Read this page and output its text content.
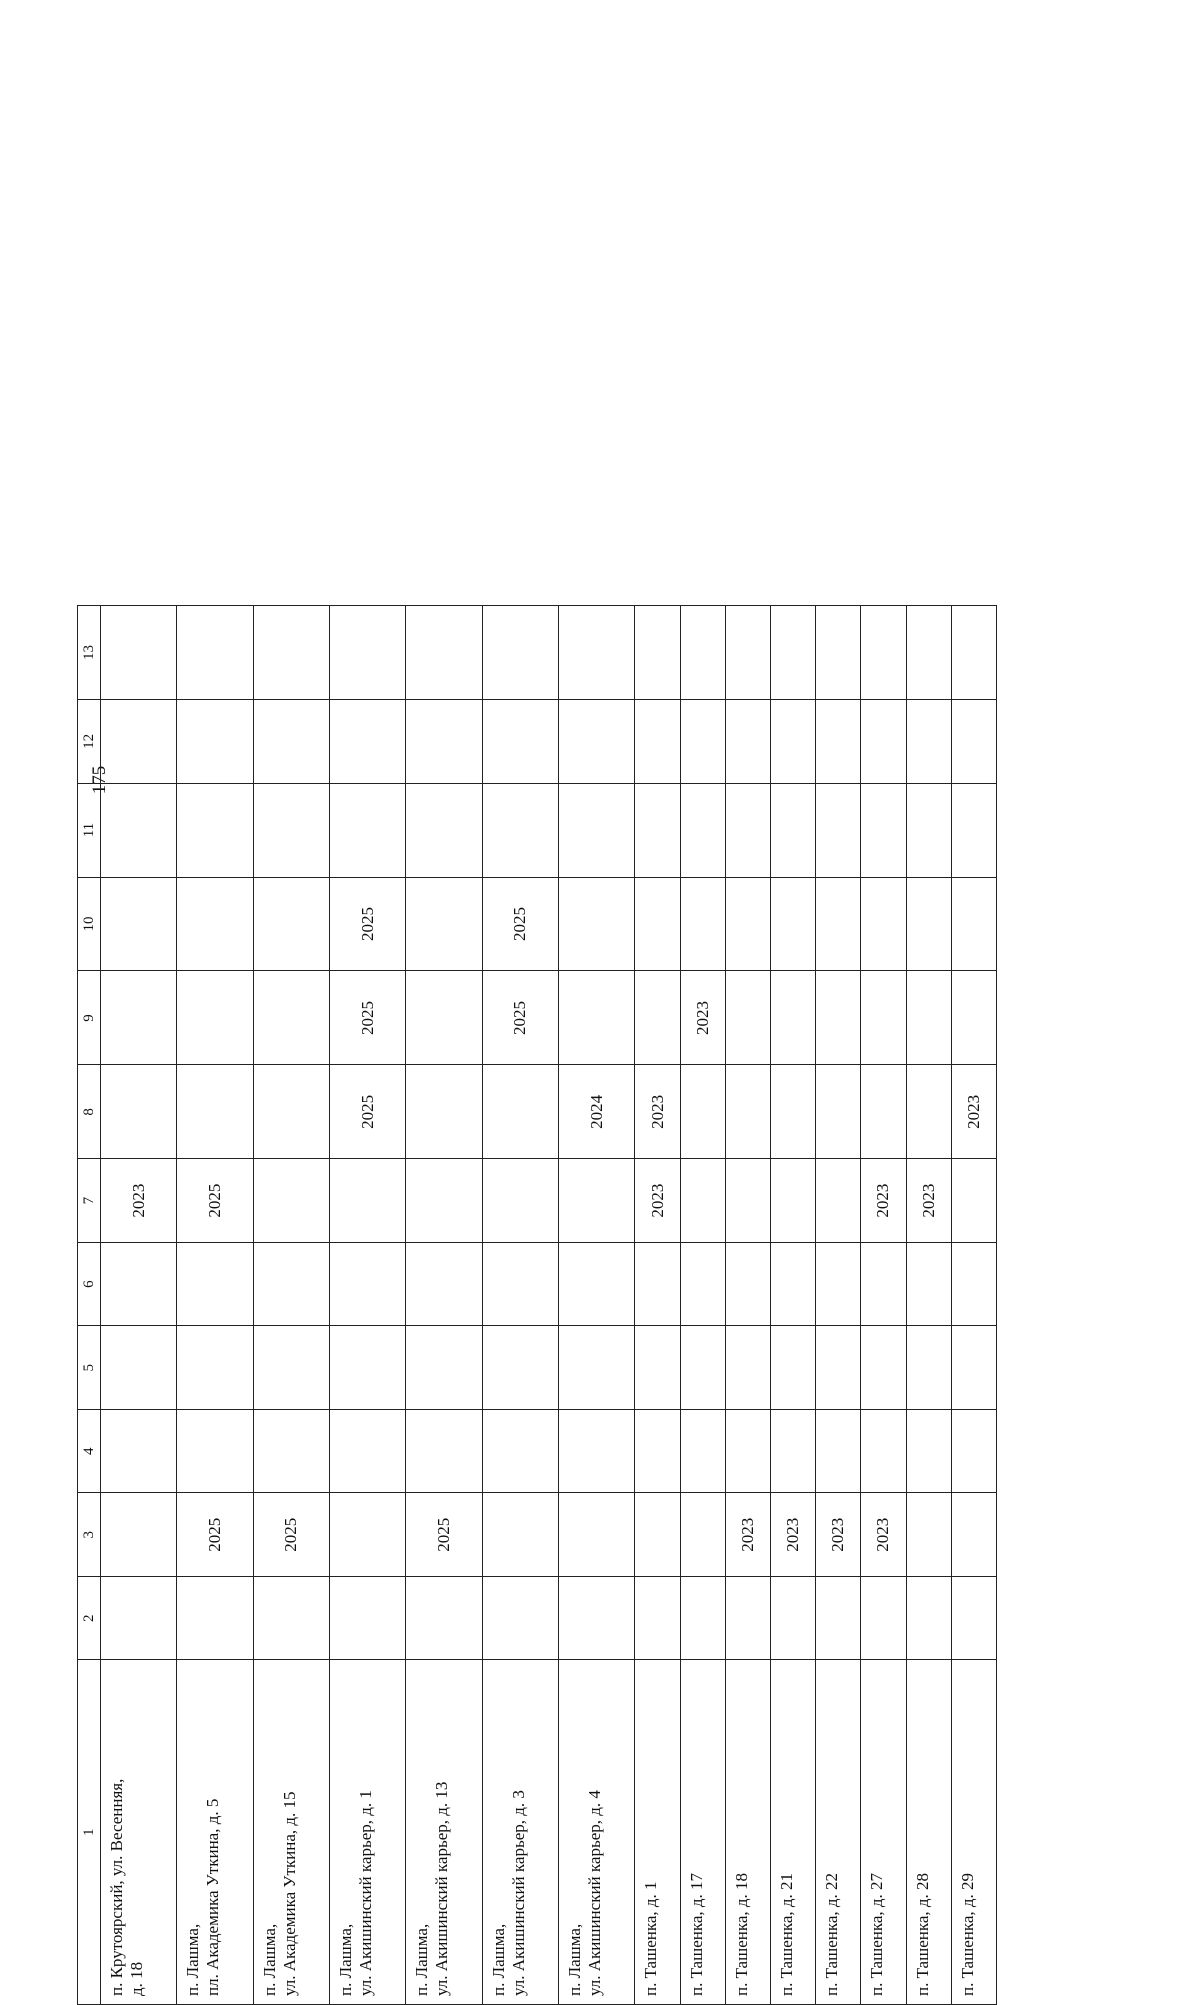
175
1	2	3	4	5	6	7	8	9	10	11	12	13

п. Крутоярский, ул. Весенняя, д. 18						2023						

п. Лашма, пл. Академика Уткина, д. 5		2025				2025						

п. Лашма, ул. Академика Уткина, д. 15		2025										

п. Лашма, ул. Акишинский карьер, д. 1							2025	2025	2025			

п. Лашма, ул. Акишинский карьер, д. 13		2025										

п. Лашма, ул. Акишинский карьер, д. 3								2025	2025			

п. Лашма, ул. Акишинский карьер, д. 4							2024					

п. Ташенка, д. 1						2023	2023					

п. Ташенка, д. 17								2023				

п. Ташенка, д. 18		2023										

п. Ташенка, д. 21		2023										

п. Ташенка, д. 22		2023										

п. Ташенка, д. 27		2023				2023						

п. Ташенка, д. 28						2023						

п. Ташенка, д. 29							2023					
